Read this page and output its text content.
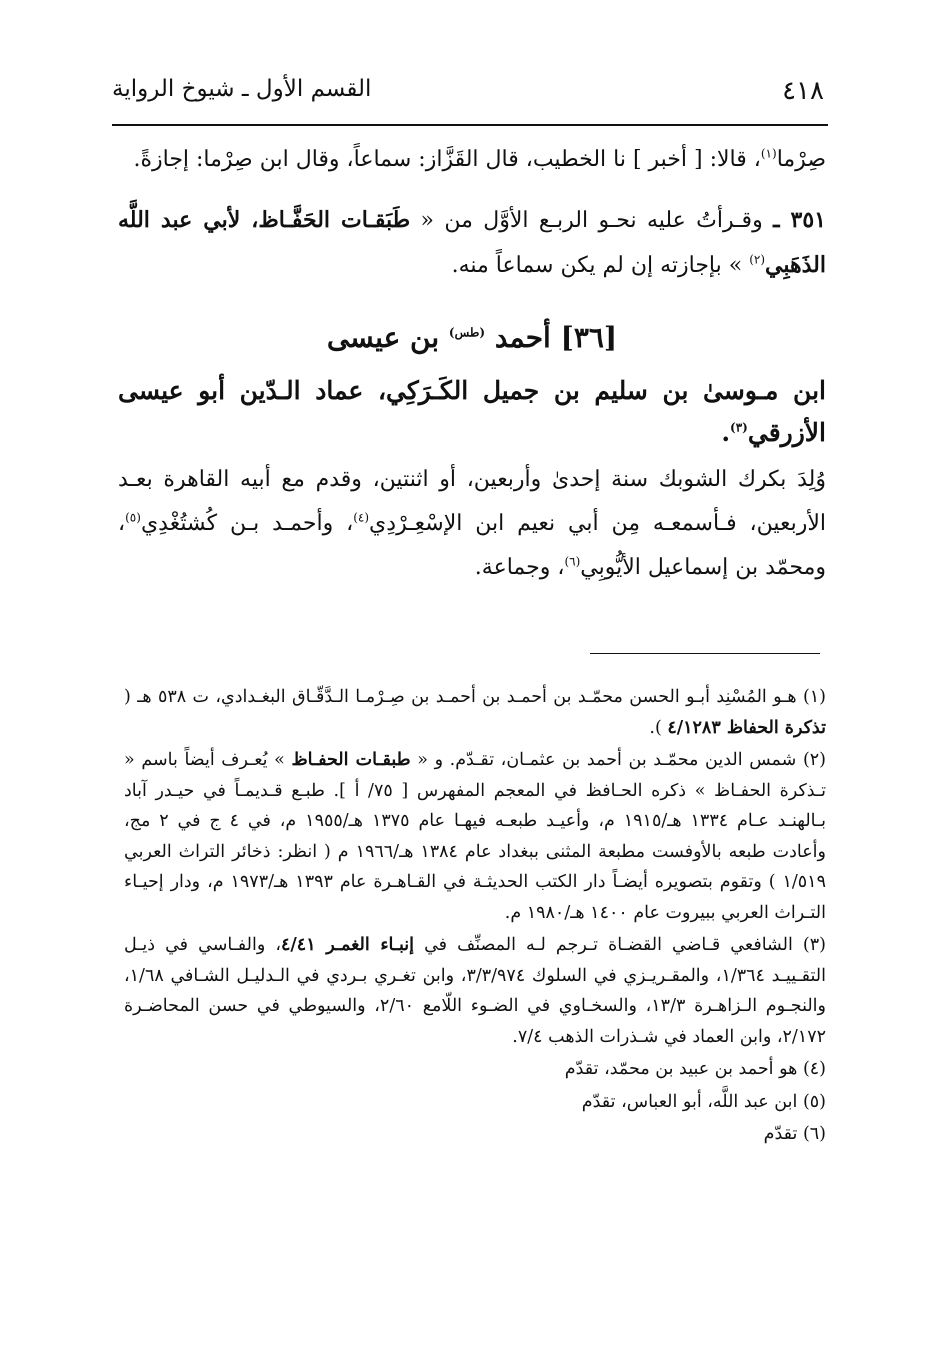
٤١٨
القسم الأول ـ شيوخ الرواية

صِرْما$^{(١)}$، قالا: [ أخبر ] نا الخطيب، قال القَزَّاز: سماعاً، وقال ابن صِرْما: إجازةً.

٣٥١ ـ وقـرأتُ عليه نحـو الربـع الأوَّل من « طَبَقـات الحَفَّـاظ، لأبي عبد اللَّه الذَهَبِي$^{(٢)}$ » بإجازته إن لم يكن سماعاً منه.

[٣٦] أحمد $^{(طس)}$ بن عيسى

ابن مـوسىٰ بن سليم بن جميل الكَـرَكِي، عماد الـدّين أبو عيسى الأزرقي$^{(٣)}$.

وُلِدَ بكرك الشوبك سنة إحدىٰ وأربعين، أو اثنتين، وقدم مع أبيه القاهرة بعـد الأربعين، فـأسمعـه مِن أبي نعيم ابن الإسْعِـرْدِي$^{(٤)}$، وأحمـد بـن كُشتُغْدِي$^{(٥)}$، ومحمّد بن إسماعيل الأيُّوبِي$^{(٦)}$، وجماعة.

(١) هـو المُسْنِد أبـو الحسن محمّـد بن أحمـد بن أحمـد بن صِـرْمـا الـدَّقّـاق البغـدادي، ت ٥٣٨ هـ ( تذكرة الحفاظ ٤/١٢٨٣ ).

(٢) شمس الدين محمّـد بن أحمد بن عثمـان، تقـدّم. و « طبقـات الحفـاظ » يُعـرف أيضاً باسم « تـذكرة الحفـاظ » ذكره الحـافظ في المعجم المفهرس [ ٧٥/ أ ]. طبـع قـديمـاً في حيـدر آباد بـالهنـد عـام ١٣٣٤ هـ/١٩١٥ م، وأعيـد طبعـه فيهـا عام ١٣٧٥ هـ/١٩٥٥ م، في ٤ ج في ٢ مج، وأعادت طبعه بالأوفست مطبعة المثنى ببغداد عام ١٣٨٤ هـ/١٩٦٦ م ( انظر: ذخائر التراث العربي ١/٥١٩ ) وتقوم بتصويره أيضـاً دار الكتب الحديثـة في القـاهـرة عام ١٣٩٣ هـ/١٩٧٣ م، ودار إحيـاء التـراث العربي ببيروت عام ١٤٠٠ هـ/١٩٨٠ م.

(٣) الشافعي قـاضي القضـاة تـرجم لـه المصنِّف في إنبـاء الغمـر ٤/٤١، والفـاسي في ذيـل التقـييـد ١/٣٦٤، والمقـريـزي في السلوك ٣/٣/٩٧٤، وابن تغـري بـردي في الـدليـل الشـافي ١/٦٨، والنجـوم الـزاهـرة ١٣/٣، والسخـاوي في الضـوء اللّامع ٢/٦٠، والسيوطي في حسن المحاضـرة ٢/١٧٢، وابن العماد في شـذرات الذهب ٧/٤.

(٤) هو أحمد بن عبيد بن محمّد، تقدّم

(٥) ابن عبد اللَّه، أبو العباس، تقدّم

(٦) تقدّم
